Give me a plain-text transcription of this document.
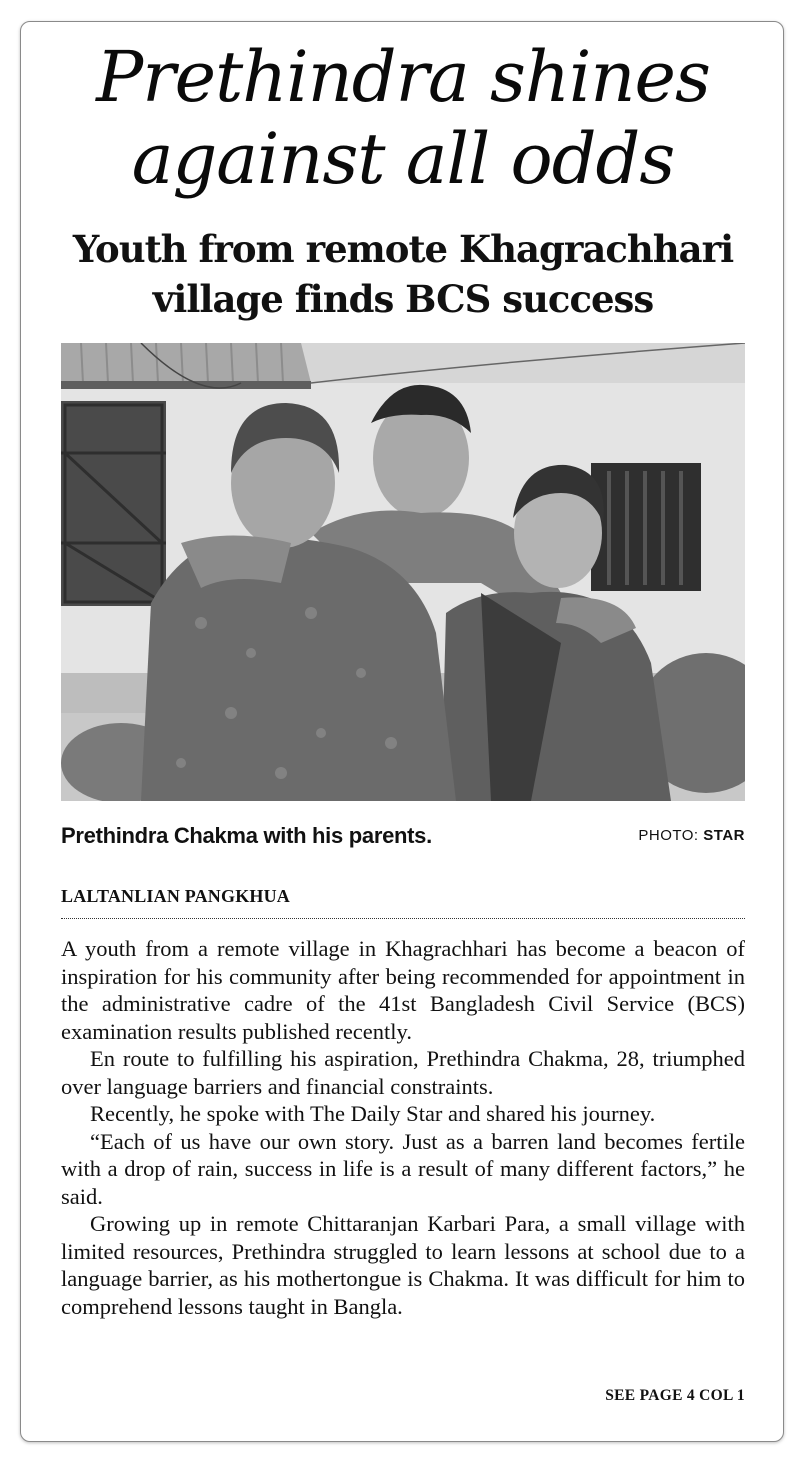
Prethindra shines
against all odds
Youth from remote Khagrachhari
village finds BCS success
Prethindra Chakma with his parents.	PHOTO: STAR
LALTANLIAN PANGKHUA

A youth from a remote village in Khagrachhari has become a beacon of inspiration for his community after being recommended for appointment in the administrative cadre of the 41st Bangladesh Civil Service (BCS) examination results published recently.

En route to fulfilling his aspiration, Prethindra Chakma, 28, triumphed over language barriers and financial constraints.

Recently, he spoke with The Daily Star and shared his journey.

“Each of us have our own story. Just as a barren land becomes fertile with a drop of rain, success in life is a result of many different factors,” he said.

Growing up in remote Chittaranjan Karbari Para, a small village with limited resources, Prethindra struggled to learn lessons at school due to a language barrier, as his mothertongue is Chakma. It was difficult for him to comprehend lessons taught in Bangla.

SEE PAGE 4 COL 1
